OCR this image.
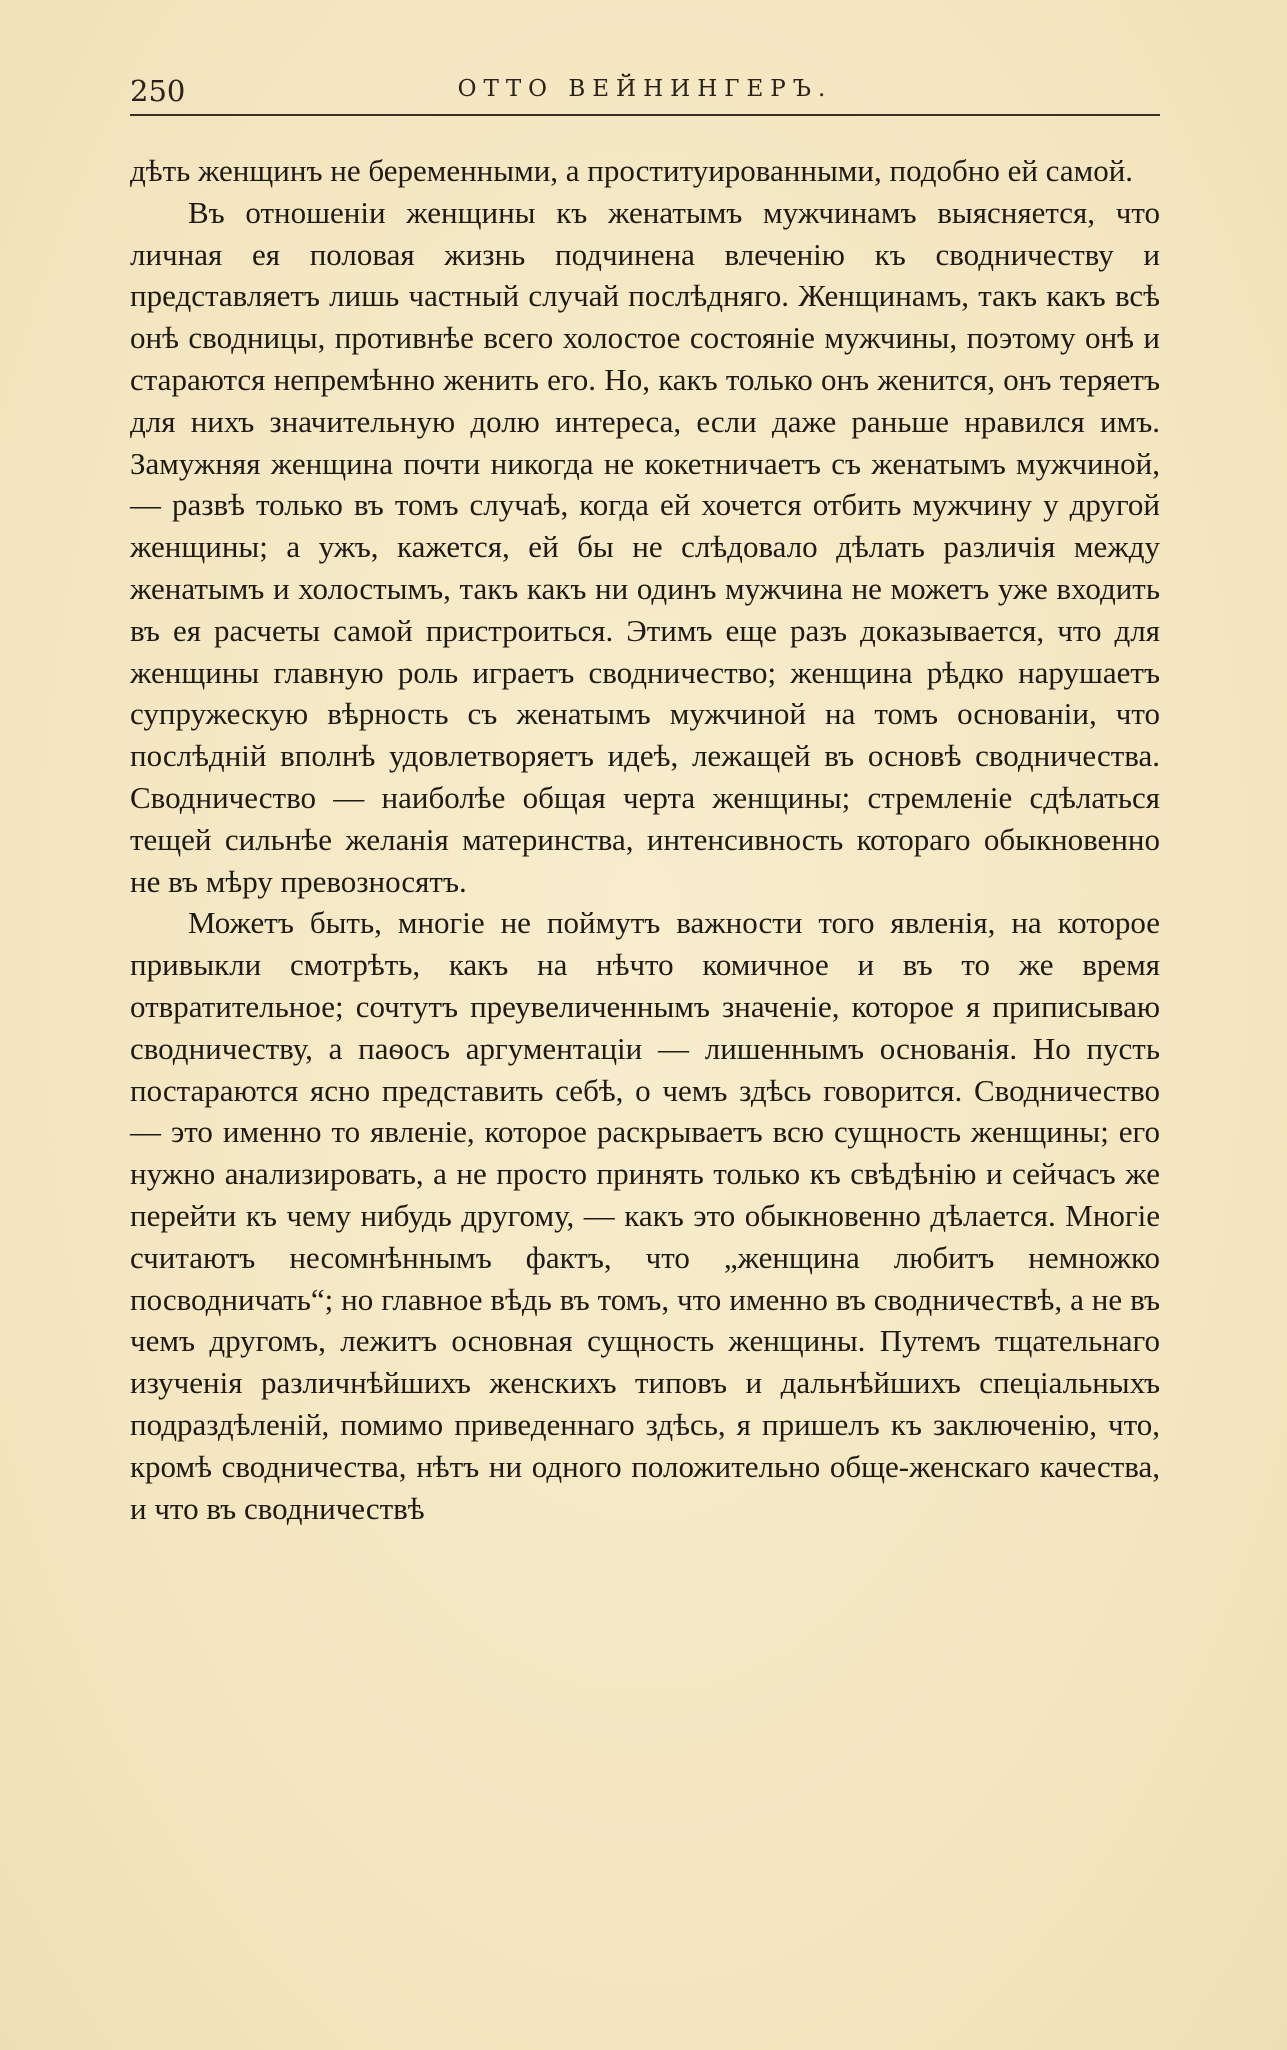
250	ОТТО ВЕЙНИНГЕРЪ.

дѣть женщинъ не беременными, а проституированными, подобно ей самой.

Въ отношеніи женщины къ женатымъ мужчинамъ выясняется, что личная ея половая жизнь подчинена влеченію къ сводничеству и представляетъ лишь частный случай послѣдняго. Женщинамъ, такъ какъ всѣ онѣ сводницы, противнѣе всего холостое состояніе мужчины, поэтому онѣ и стараются непремѣнно женить его. Но, какъ только онъ женится, онъ теряетъ для нихъ значительную долю интереса, если даже раньше нравился имъ. Замужняя женщина почти никогда не кокетничаетъ съ женатымъ мужчиной, — развѣ только въ томъ случаѣ, когда ей хочется отбить мужчину у другой женщины; а ужъ, кажется, ей бы не слѣдовало дѣлать различія между женатымъ и холостымъ, такъ какъ ни одинъ мужчина не можетъ уже входить въ ея расчеты самой пристроиться. Этимъ еще разъ доказывается, что для женщины главную роль играетъ сводничество; женщина рѣдко нарушаетъ супружескую вѣрность съ женатымъ мужчиной на томъ основаніи, что послѣдній вполнѣ удовлетворяетъ идеѣ, лежащей въ основѣ сводничества. Сводничество — наиболѣе общая черта женщины; стремленіе сдѣлаться тещей сильнѣе желанія материнства, интенсивность котораго обыкновенно не въ мѣру превозносятъ.

Можетъ быть, многіе не поймутъ важности того явленія, на которое привыкли смотрѣть, какъ на нѣчто комичное и въ то же время отвратительное; сочтутъ преувеличеннымъ значеніе, которое я приписываю сводничеству, а паѳосъ аргументаціи — лишеннымъ основанія. Но пусть постараются ясно представить себѣ, о чемъ здѣсь говорится. Сводничество — это именно то явленіе, которое раскрываетъ всю сущность женщины; его нужно анализировать, а не просто принять только къ свѣдѣнію и сейчасъ же перейти къ чему нибудь другому, — какъ это обыкновенно дѣлается. Многіе считаютъ несомнѣннымъ фактъ, что „женщина любитъ немножко посводничать“; но главное вѣдь въ томъ, что именно въ сводничествѣ, а не въ чемъ другомъ, лежитъ основная сущность женщины. Путемъ тщательнаго изученія различнѣйшихъ женскихъ типовъ и дальнѣйшихъ спеціальныхъ подраздѣленій, помимо приведеннаго здѣсь, я пришелъ къ заключенію, что, кромѣ сводничества, нѣтъ ни одного положительно обще-женскаго качества, и что въ сводничествѣ
